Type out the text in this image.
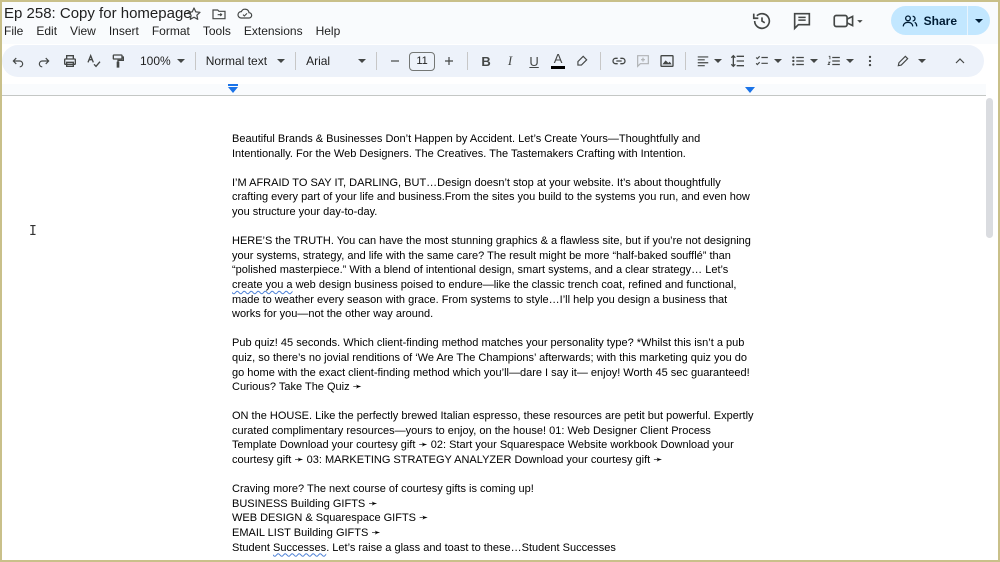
Ep 258: Copy for homepage
File Edit View Insert Format Tools Extensions Help
Share
100%	Normal text	Arial	11	B	I	U	A
I

Beautiful Brands & Businesses Don’t Happen by Accident. Let’s Create Yours—Thoughtfully and Intentionally. For the Web Designers. The Creatives. The Tastemakers Crafting with Intention.

I’M AFRAID TO SAY IT, DARLING, BUT…Design doesn’t stop at your website. It’s about thoughtfully crafting every part of your life and business.From the sites you build to the systems you run, and even how you structure your day-to-day.

HERE’S the TRUTH. You can have the most stunning graphics & a flawless site, but if you’re not designing your systems, strategy, and life with the same care? The result might be more “half-baked soufflé” than “polished masterpiece.” With a blend of intentional design, smart systems, and a clear strategy… Let’s create you a web design business poised to endure—like the classic trench coat, refined and functional, made to weather every season with grace. From systems to style…I’ll help you design a business that works for you—not the other way around.

Pub quiz! 45 seconds. Which client-finding method matches your personality type? *Whilst this isn’t a pub quiz, so there’s no jovial renditions of ‘We Are The Champions’ afterwards; with this marketing quiz you do go home with the exact client-finding method which you’ll—dare I say it— enjoy! Worth 45 sec guaranteed! Curious? Take The Quiz ➛

ON the HOUSE. Like the perfectly brewed Italian espresso, these resources are petit but powerful. Expertly curated complimentary resources—yours to enjoy, on the house! 01: Web Designer Client Process Template Download your courtesy gift ➛ 02: Start your Squarespace Website workbook Download your courtesy gift ➛ 03: MARKETING STRATEGY ANALYZER Download your courtesy gift ➛

Craving more? The next course of courtesy gifts is coming up!

BUSINESS Building GIFTS ➛

WEB DESIGN & Squarespace GIFTS ➛

EMAIL LIST Building GIFTS ➛

Student Successes. Let’s raise a glass and toast to these…Student Successes
